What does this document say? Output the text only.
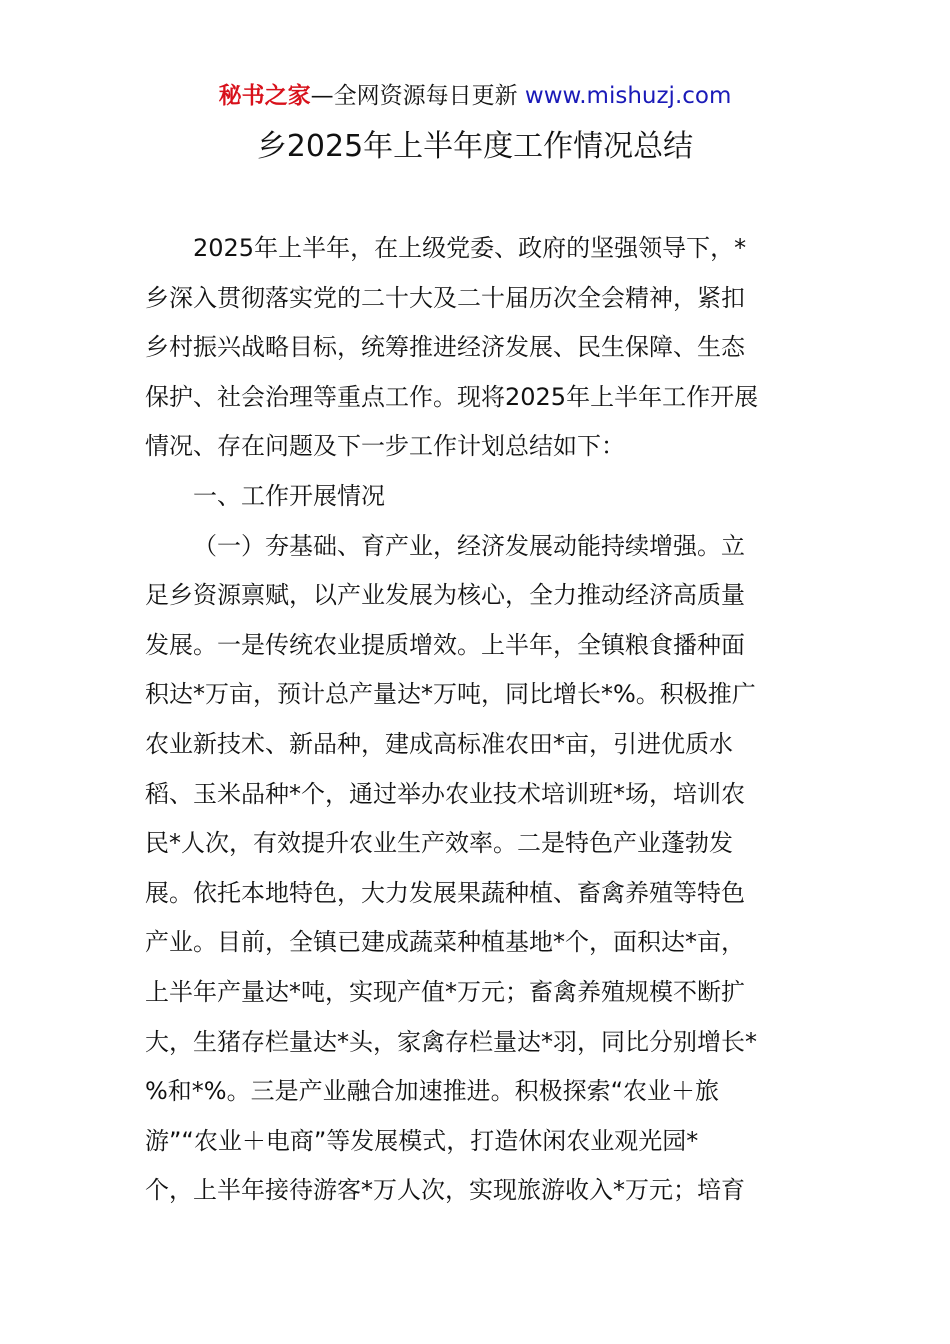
秘书之家—全网资源每日更新 www.mishuzj.com
乡2025年上半年度工作情况总结

2025年上半年，在上级党委、政府的坚强领导下，*
乡深入贯彻落实党的二十大及二十届历次全会精神，紧扣
乡村振兴战略目标，统筹推进经济发展、民生保障、生态
保护、社会治理等重点工作。现将2025年上半年工作开展
情况、存在问题及下一步工作计划总结如下：

一、工作开展情况

（一）夯基础、育产业，经济发展动能持续增强。立
足乡资源禀赋，以产业发展为核心，全力推动经济高质量
发展。一是传统农业提质增效。上半年，全镇粮食播种面
积达*万亩，预计总产量达*万吨，同比增长*%。积极推广
农业新技术、新品种，建成高标准农田*亩，引进优质水
稻、玉米品种*个，通过举办农业技术培训班*场，培训农
民*人次，有效提升农业生产效率。二是特色产业蓬勃发
展。依托本地特色，大力发展果蔬种植、畜禽养殖等特色
产业。目前，全镇已建成蔬菜种植基地*个，面积达*亩，
上半年产量达*吨，实现产值*万元；畜禽养殖规模不断扩
大，生猪存栏量达*头，家禽存栏量达*羽，同比分别增长*
%和*%。三是产业融合加速推进。积极探索“农业＋旅
游”“农业＋电商”等发展模式，打造休闲农业观光园*
个，上半年接待游客*万人次，实现旅游收入*万元；培育
